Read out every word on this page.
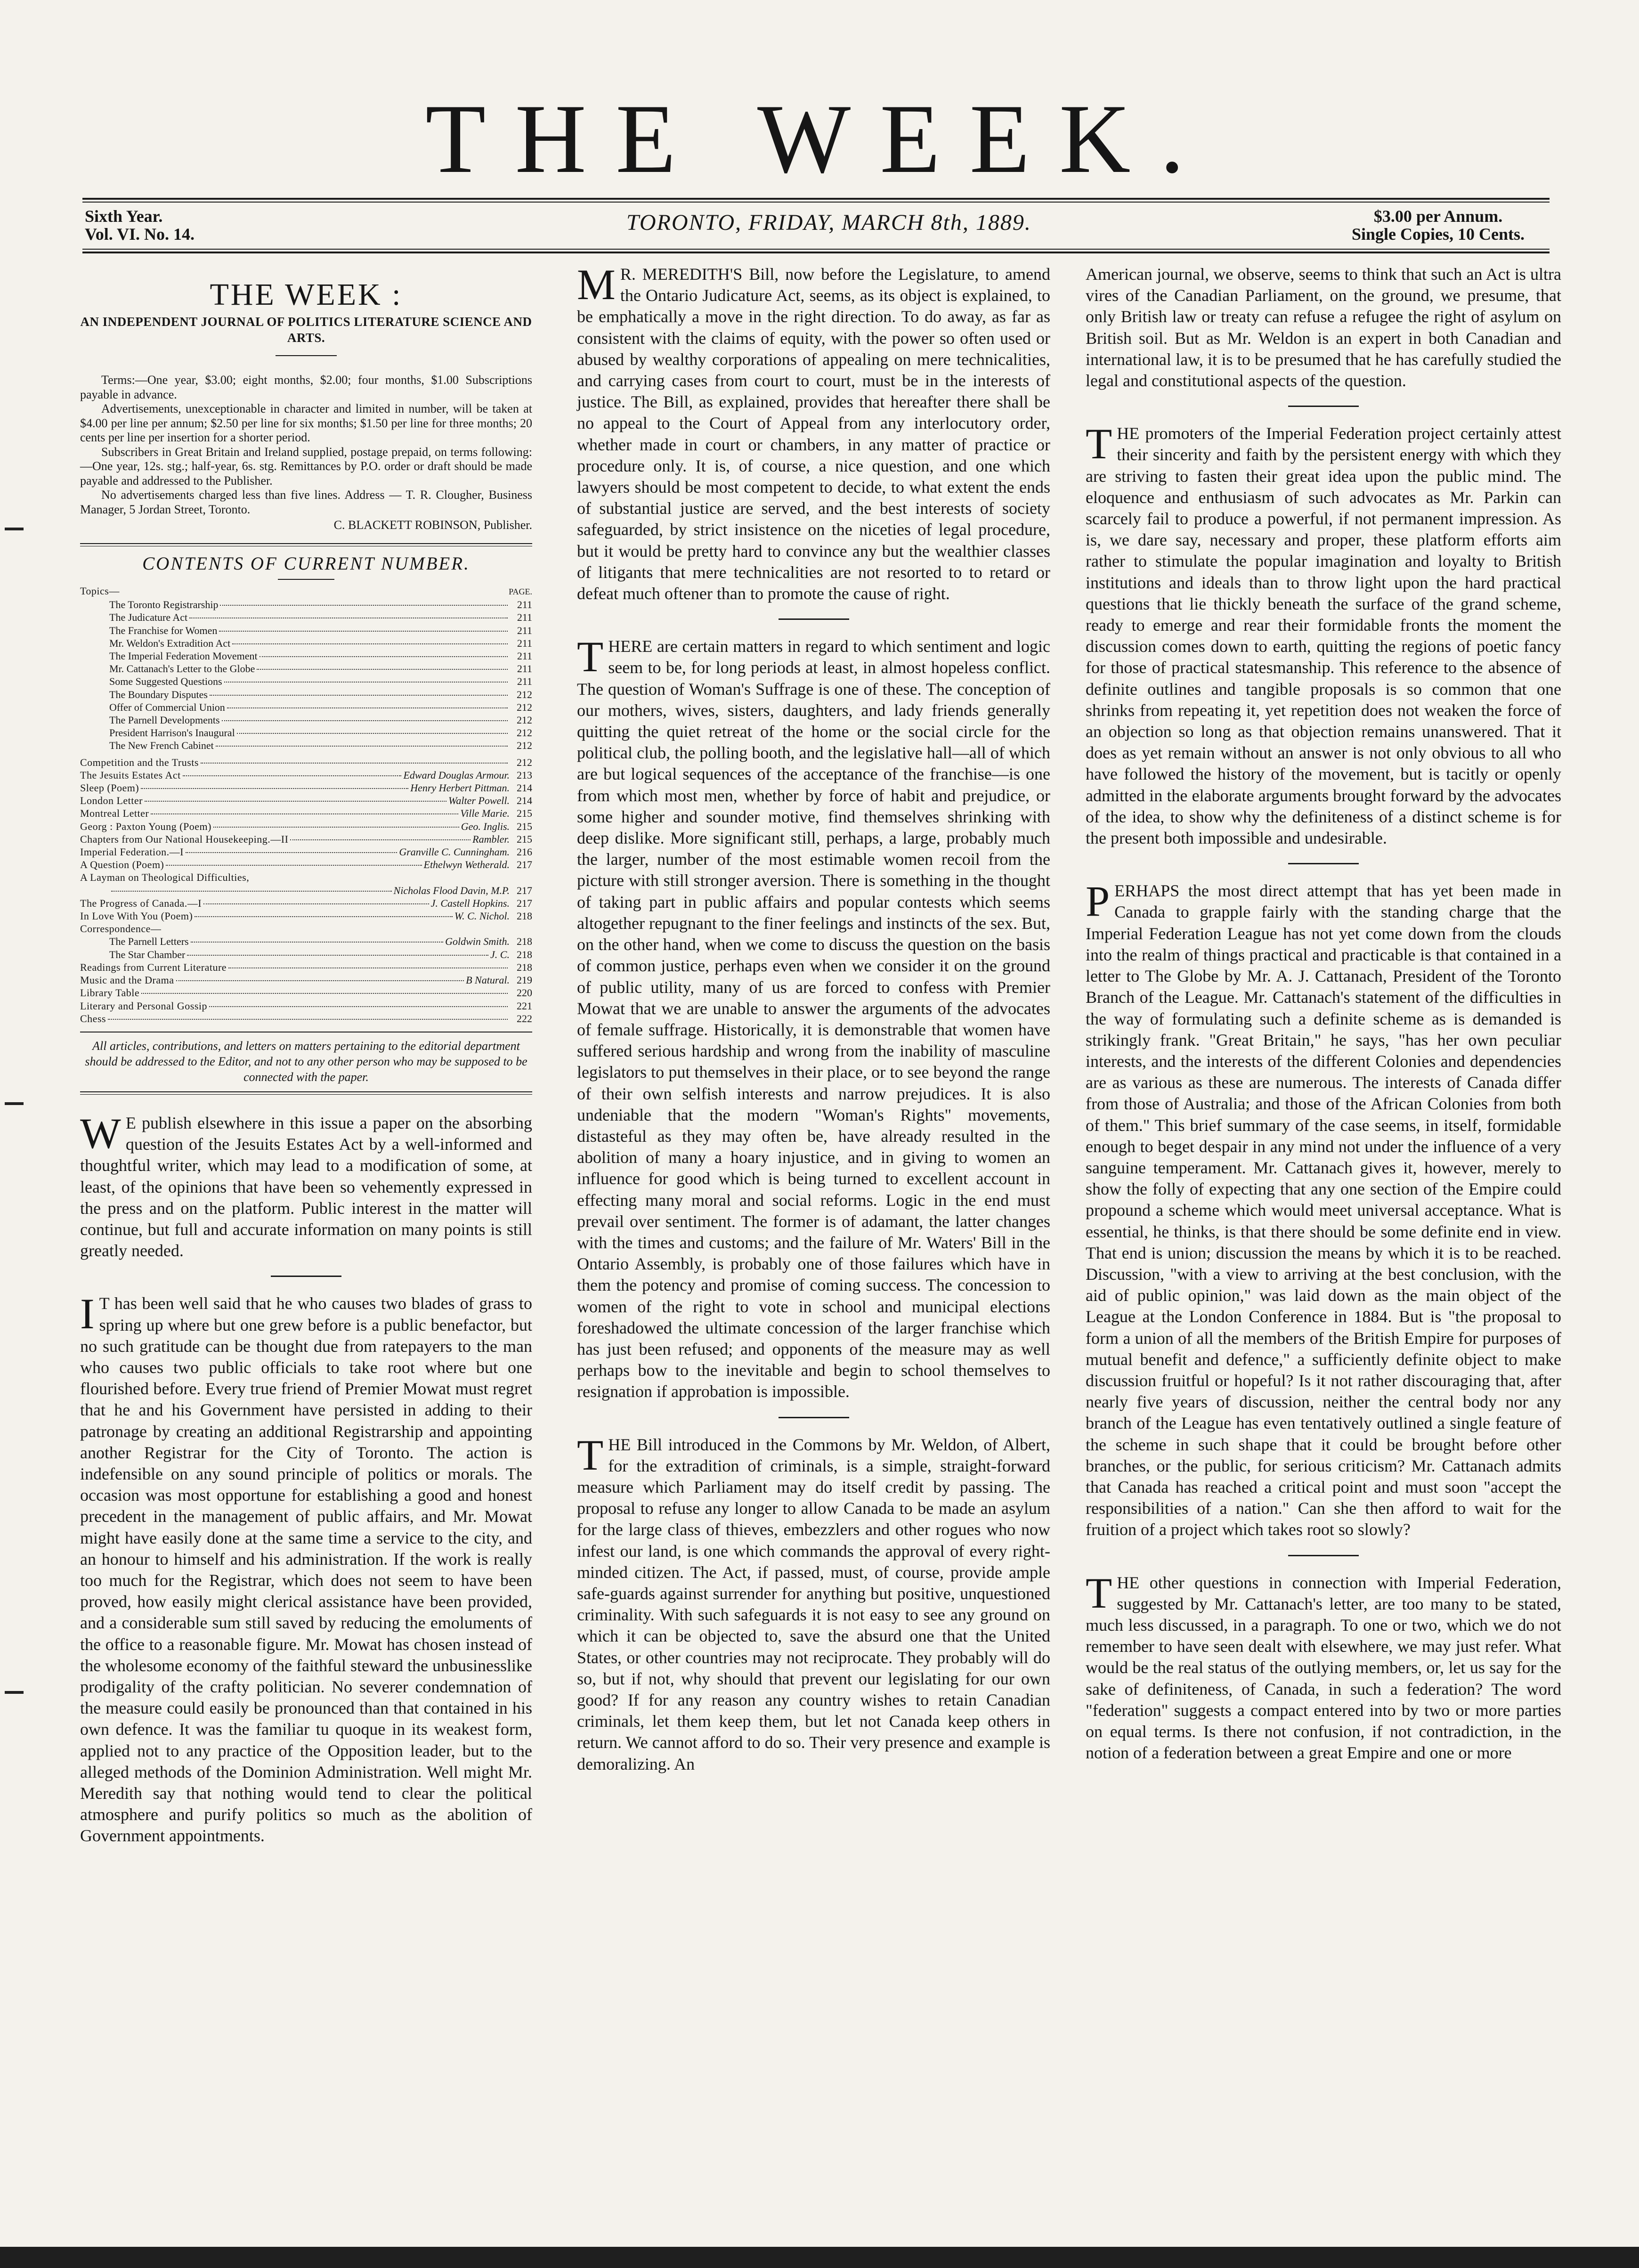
THE WEEK.
Sixth Year.
Vol. VI. No. 14.	TORONTO, FRIDAY, MARCH 8th, 1889.	$3.00 per Annum.
Single Copies, 10 Cents.
THE WEEK :
AN INDEPENDENT JOURNAL OF POLITICS LITERATURE SCIENCE AND ARTS.

Terms:—One year, $3.00; eight months, $2.00; four months, $1.00 Subscriptions payable in advance.

Advertisements, unexceptionable in character and limited in number, will be taken at $4.00 per line per annum; $2.50 per line for six months; $1.50 per line for three months; 20 cents per line per insertion for a shorter period.

Subscribers in Great Britain and Ireland supplied, postage prepaid, on terms following:—One year, 12s. stg.; half-year, 6s. stg. Remittances by P.O. order or draft should be made payable and addressed to the Publisher.

No advertisements charged less than five lines. Address — T. R. Clougher, Business Manager, 5 Jordan Street, Toronto.

C. BLACKETT ROBINSON, Publisher.
CONTENTS OF CURRENT NUMBER.
Topics—	PAGE.
The Toronto Registrarship	211
The Judicature Act	211
The Franchise for Women	211
Mr. Weldon's Extradition Act	211
The Imperial Federation Movement	211
Mr. Cattanach's Letter to the Globe	211
Some Suggested Questions	211
The Boundary Disputes	212
Offer of Commercial Union	212
The Parnell Developments	212
President Harrison's Inaugural	212
The New French Cabinet	212
Competition and the Trusts	212
The Jesuits Estates Act	Edward Douglas Armour. 213
Sleep (Poem)	Henry Herbert Pittman. 214
London Letter	Walter Powell. 214
Montreal Letter	Ville Marie. 215
Georg : Paxton Young (Poem)	Geo. Inglis. 215
Chapters from Our National Housekeeping.—II	Rambler. 215
Imperial Federation.—I	Granville C. Cunningham. 216
A Question (Poem)	Ethelwyn Wetherald. 217
A Layman on Theological Difficulties,
Nicholas Flood Davin, M.P. 217
The Progress of Canada.—I	J. Castell Hopkins. 217
In Love With You (Poem)	W. C. Nichol. 218
Correspondence—
The Parnell Letters	Goldwin Smith. 218
The Star Chamber	J. C. 218
Readings from Current Literature	218
Music and the Drama	B Natural. 219
Library Table	220
Literary and Personal Gossip	221
Chess	222

All articles, contributions, and letters on matters pertaining to the editorial department should be addressed to the Editor, and not to any other person who may be supposed to be connected with the paper.

W E publish elsewhere in this issue a paper on the absorbing question of the Jesuits Estates Act by a well-informed and thoughtful writer, which may lead to a modification of some, at least, of the opinions that have been so vehemently expressed in the press and on the platform. Public interest in the matter will continue, but full and accurate information on many points is still greatly needed.

I T has been well said that he who causes two blades of grass to spring up where but one grew before is a public benefactor, but no such gratitude can be thought due from ratepayers to the man who causes two public officials to take root where but one flourished before. Every true friend of Premier Mowat must regret that he and his Government have persisted in adding to their patronage by creating an additional Registrarship and appointing another Registrar for the City of Toronto. The action is indefensible on any sound principle of politics or morals. The occasion was most opportune for establishing a good and honest precedent in the management of public affairs, and Mr. Mowat might have easily done at the same time a service to the city, and an honour to himself and his administration. If the work is really too much for the Registrar, which does not seem to have been proved, how easily might clerical assistance have been provided, and a considerable sum still saved by reducing the emoluments of the office to a reasonable figure. Mr. Mowat has chosen instead of the wholesome economy of the faithful steward the unbusinesslike prodigality of the crafty politician. No severer condemnation of the measure could easily be pronounced than that contained in his own defence. It was the familiar tu quoque in its weakest form, applied not to any practice of the Opposition leader, but to the alleged methods of the Dominion Administration. Well might Mr. Meredith say that nothing would tend to clear the political atmosphere and purify politics so much as the abolition of Government appointments.

M R. MEREDITH'S Bill, now before the Legislature, to amend the Ontario Judicature Act, seems, as its object is explained, to be emphatically a move in the right direction. To do away, as far as consistent with the claims of equity, with the power so often used or abused by wealthy corporations of appealing on mere technicalities, and carrying cases from court to court, must be in the interests of justice. The Bill, as explained, provides that hereafter there shall be no appeal to the Court of Appeal from any interlocutory order, whether made in court or chambers, in any matter of practice or procedure only. It is, of course, a nice question, and one which lawyers should be most competent to decide, to what extent the ends of substantial justice are served, and the best interests of society safeguarded, by strict insistence on the niceties of legal procedure, but it would be pretty hard to convince any but the wealthier classes of litigants that mere technicalities are not resorted to to retard or defeat much oftener than to promote the cause of right.

THERE are certain matters in regard to which sentiment and logic seem to be, for long periods at least, in almost hopeless conflict. The question of Woman's Suffrage is one of these. The conception of our mothers, wives, sisters, daughters, and lady friends generally quitting the quiet retreat of the home or the social circle for the political club, the polling booth, and the legislative hall—all of which are but logical sequences of the acceptance of the franchise—is one from which most men, whether by force of habit and prejudice, or some higher and sounder motive, find themselves shrinking with deep dislike. More significant still, perhaps, a large, probably much the larger, number of the most estimable women recoil from the picture with still stronger aversion. There is something in the thought of taking part in public affairs and popular contests which seems altogether repugnant to the finer feelings and instincts of the sex. But, on the other hand, when we come to discuss the question on the basis of common justice, perhaps even when we consider it on the ground of public utility, many of us are forced to confess with Premier Mowat that we are unable to answer the arguments of the advocates of female suffrage. Historically, it is demonstrable that women have suffered serious hardship and wrong from the inability of masculine legislators to put themselves in their place, or to see beyond the range of their own selfish interests and narrow prejudices. It is also undeniable that the modern "Woman's Rights" movements, distasteful as they may often be, have already resulted in the abolition of many a hoary injustice, and in giving to women an influence for good which is being turned to excellent account in effecting many moral and social reforms. Logic in the end must prevail over sentiment. The former is of adamant, the latter changes with the times and customs; and the failure of Mr. Waters' Bill in the Ontario Assembly, is probably one of those failures which have in them the potency and promise of coming success. The concession to women of the right to vote in school and municipal elections foreshadowed the ultimate concession of the larger franchise which has just been refused; and opponents of the measure may as well perhaps bow to the inevitable and begin to school themselves to resignation if approbation is impossible.

THE Bill introduced in the Commons by Mr. Weldon, of Albert, for the extradition of criminals, is a simple, straight-forward measure which Parliament may do itself credit by passing. The proposal to refuse any longer to allow Canada to be made an asylum for the large class of thieves, embezzlers and other rogues who now infest our land, is one which commands the approval of every right-minded citizen. The Act, if passed, must, of course, provide ample safe-guards against surrender for anything but positive, unquestioned criminality. With such safeguards it is not easy to see any ground on which it can be objected to, save the absurd one that the United States, or other countries may not reciprocate. They probably will do so, but if not, why should that prevent our legislating for our own good? If for any reason any country wishes to retain Canadian criminals, let them keep them, but let not Canada keep others in return. We cannot afford to do so. Their very presence and example is demoralizing. An

American journal, we observe, seems to think that such an Act is ultra vires of the Canadian Parliament, on the ground, we presume, that only British law or treaty can refuse a refugee the right of asylum on British soil. But as Mr. Weldon is an expert in both Canadian and international law, it is to be presumed that he has carefully studied the legal and constitutional aspects of the question.

THE promoters of the Imperial Federation project certainly attest their sincerity and faith by the persistent energy with which they are striving to fasten their great idea upon the public mind. The eloquence and enthusiasm of such advocates as Mr. Parkin can scarcely fail to produce a powerful, if not permanent impression. As is, we dare say, necessary and proper, these platform efforts aim rather to stimulate the popular imagination and loyalty to British institutions and ideals than to throw light upon the hard practical questions that lie thickly beneath the surface of the grand scheme, ready to emerge and rear their formidable fronts the moment the discussion comes down to earth, quitting the regions of poetic fancy for those of practical statesmanship. This reference to the absence of definite outlines and tangible proposals is so common that one shrinks from repeating it, yet repetition does not weaken the force of an objection so long as that objection remains unanswered. That it does as yet remain without an answer is not only obvious to all who have followed the history of the movement, but is tacitly or openly admitted in the elaborate arguments brought forward by the advocates of the idea, to show why the definiteness of a distinct scheme is for the present both impossible and undesirable.

PERHAPS the most direct attempt that has yet been made in Canada to grapple fairly with the standing charge that the Imperial Federation League has not yet come down from the clouds into the realm of things practical and practicable is that contained in a letter to The Globe by Mr. A. J. Cattanach, President of the Toronto Branch of the League. Mr. Cattanach's statement of the difficulties in the way of formulating such a definite scheme as is demanded is strikingly frank. "Great Britain," he says, "has her own peculiar interests, and the interests of the different Colonies and dependencies are as various as these are numerous. The interests of Canada differ from those of Australia; and those of the African Colonies from both of them." This brief summary of the case seems, in itself, formidable enough to beget despair in any mind not under the influence of a very sanguine temperament. Mr. Cattanach gives it, however, merely to show the folly of expecting that any one section of the Empire could propound a scheme which would meet universal acceptance. What is essential, he thinks, is that there should be some definite end in view. That end is union; discussion the means by which it is to be reached. Discussion, "with a view to arriving at the best conclusion, with the aid of public opinion," was laid down as the main object of the League at the London Conference in 1884. But is "the proposal to form a union of all the members of the British Empire for purposes of mutual benefit and defence," a sufficiently definite object to make discussion fruitful or hopeful? Is it not rather discouraging that, after nearly five years of discussion, neither the central body nor any branch of the League has even tentatively outlined a single feature of the scheme in such shape that it could be brought before other branches, or the public, for serious criticism? Mr. Cattanach admits that Canada has reached a critical point and must soon "accept the responsibilities of a nation." Can she then afford to wait for the fruition of a project which takes root so slowly?

THE other questions in connection with Imperial Federation, suggested by Mr. Cattanach's letter, are too many to be stated, much less discussed, in a paragraph. To one or two, which we do not remember to have seen dealt with elsewhere, we may just refer. What would be the real status of the outlying members, or, let us say for the sake of definiteness, of Canada, in such a federation? The word "federation" suggests a compact entered into by two or more parties on equal terms. Is there not confusion, if not contradiction, in the notion of a federation between a great Empire and one or more
